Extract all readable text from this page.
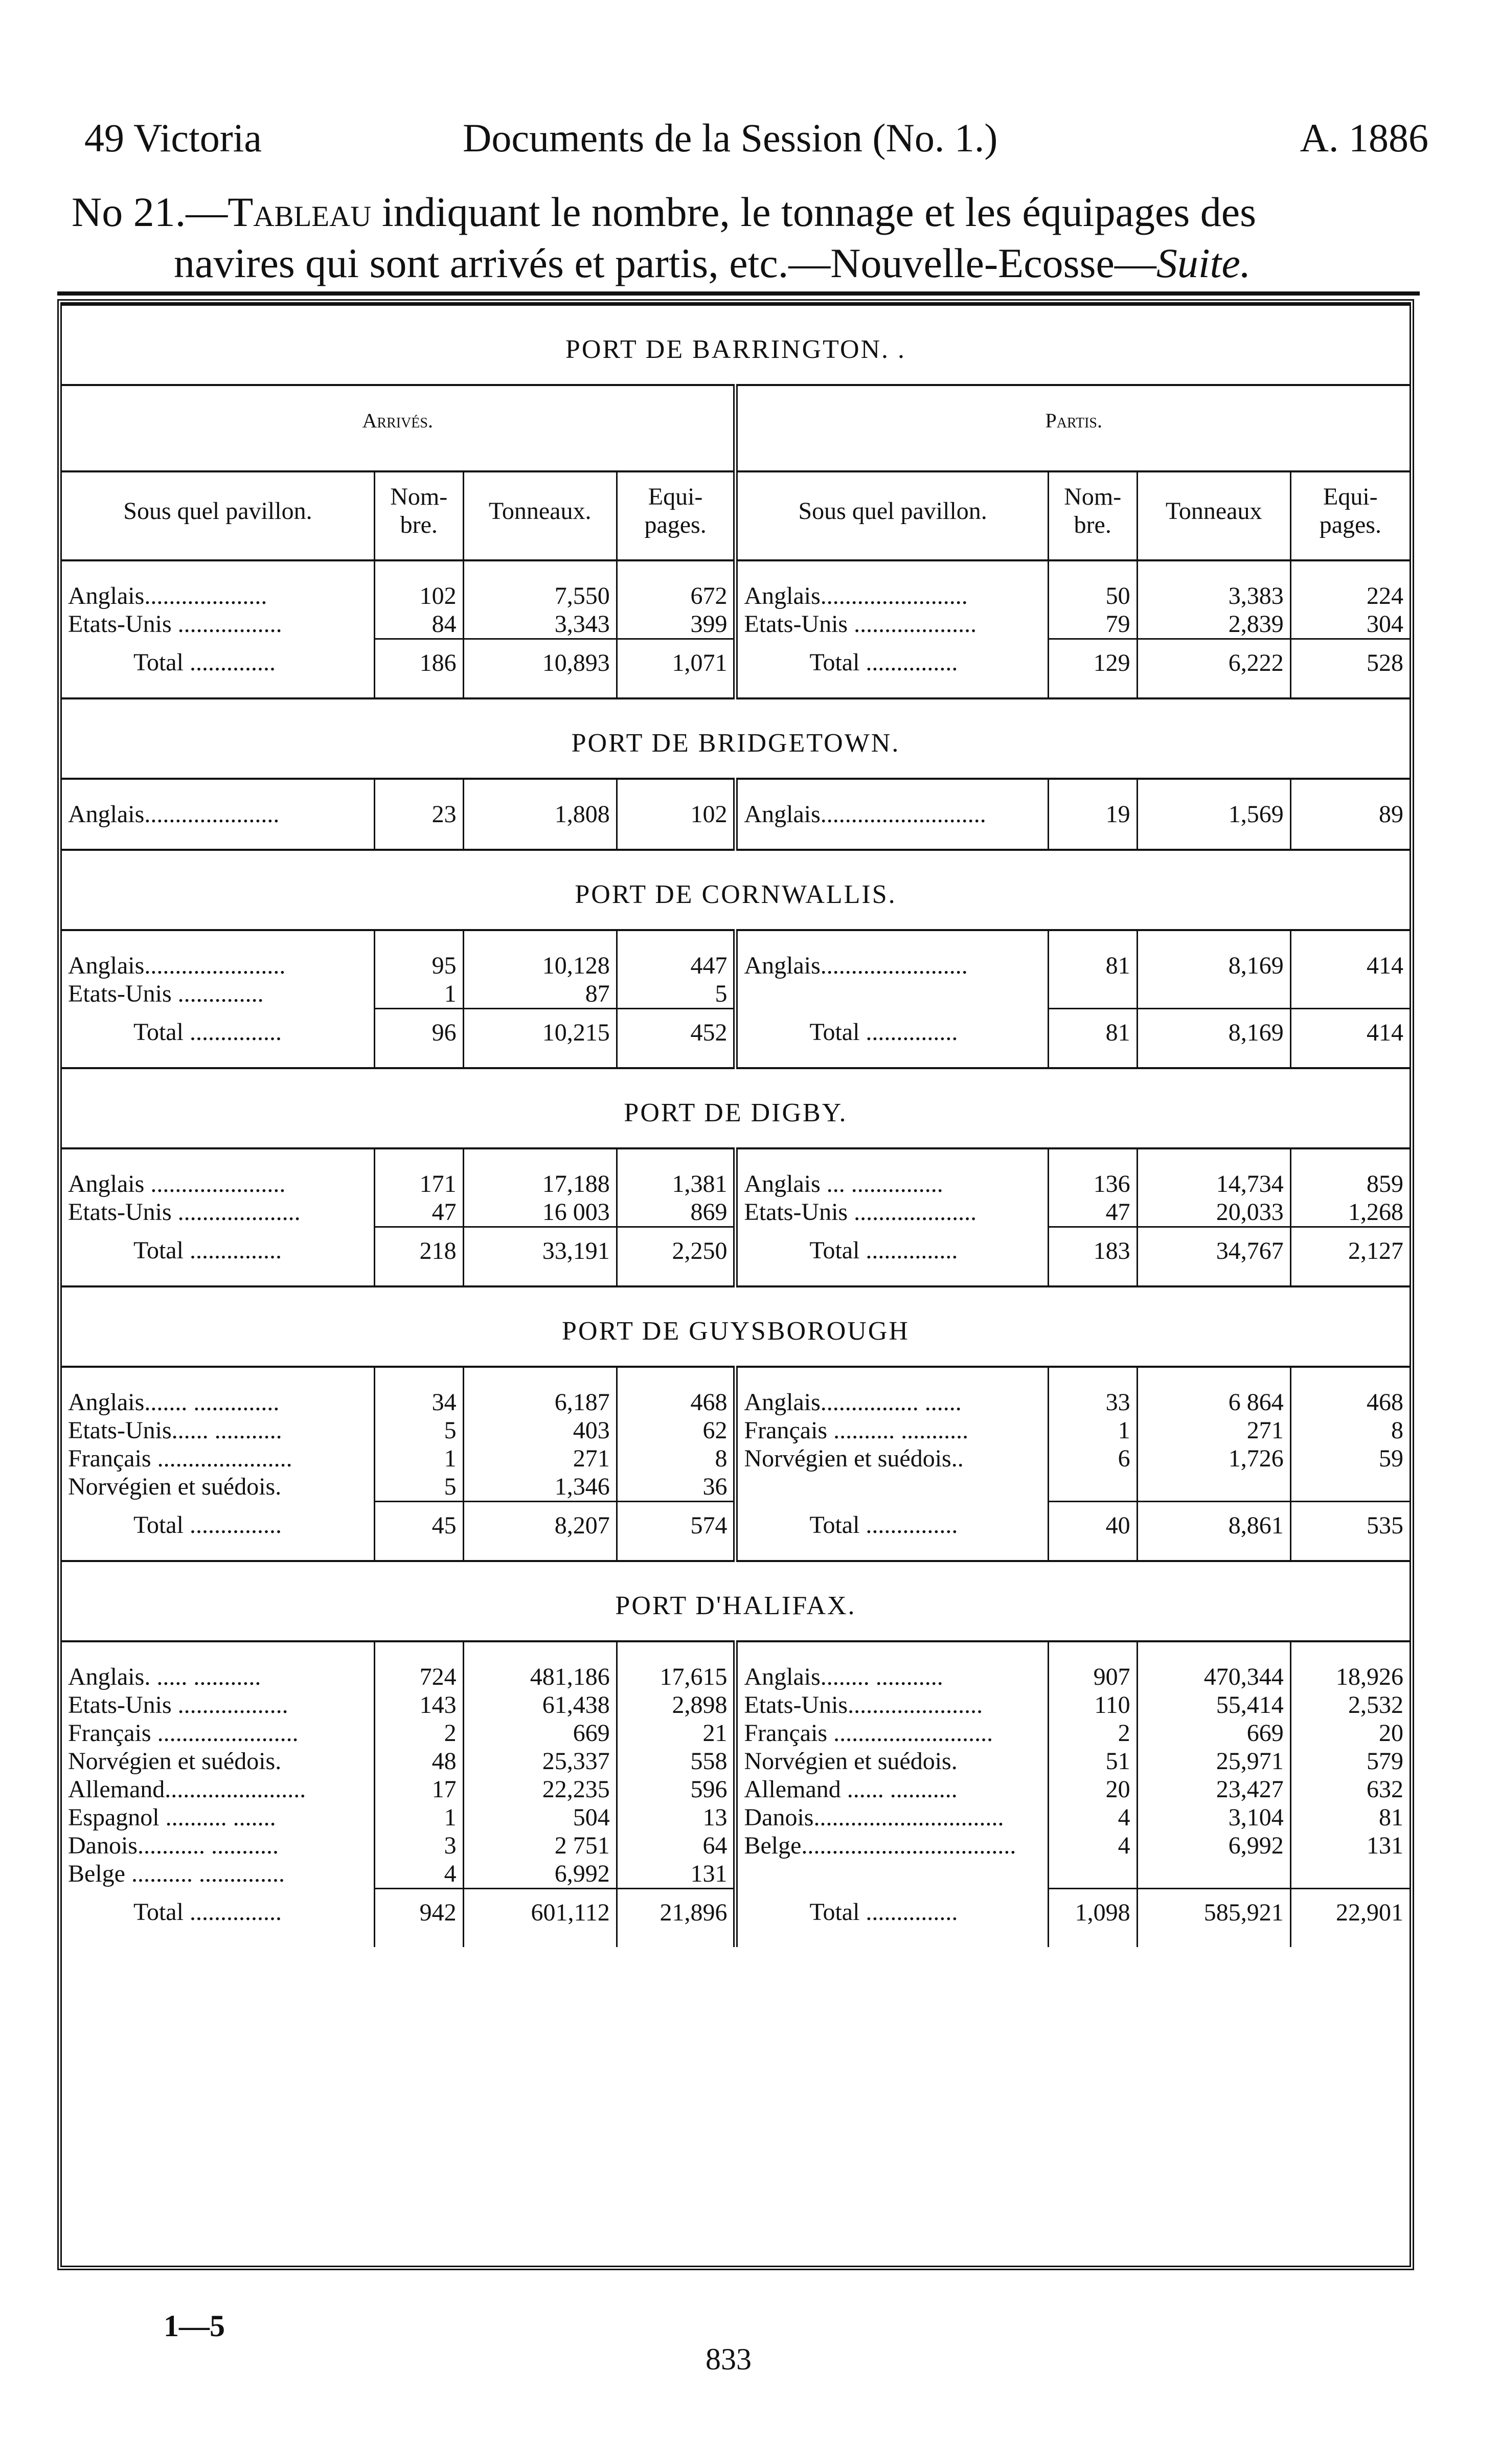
49 Victoria	Documents de la Session (No. 1.)	A. 1886
No 21.—Tableau indiquant le nombre, le tonnage et les équipages des
navires qui sont arrivés et partis, etc.—Nouvelle-Ecosse—Suite.
PORT DE BARRINGTON. .							
Arrivés.				Partis.			
Sous quel pavillon.	Nom- bre.	Tonneaux.	Equi- pages.	Sous quel pavillon.	Nom- bre.	Tonneaux	Equi- pages.
Anglais....................	102	7,550	672	Anglais........................	50	3,383	224
Etats-Unis .................	84	3,343	399	Etats-Unis ....................	79	2,839	304
Total ..............	186	10,893	1,071	Total ...............	129	6,222	528
PORT DE BRIDGETOWN.							
Anglais......................	23	1,808	102	Anglais...........................	19	1,569	89

PORT DE CORNWALLIS.							
Anglais.......................	95	10,128	447	Anglais........................	81	8,169	414
Etats-Unis ..............	1	87	5				
Total ...............	96	10,215	452	Total ...............	81	8,169	414
PORT DE DIGBY.							
Anglais ......................	171	17,188	1,381	Anglais ... ...............	136	14,734	859
Etats-Unis ....................	47	16 003	869	Etats-Unis ....................	47	20,033	1,268
Total ...............	218	33,191	2,250	Total ...............	183	34,767	2,127
PORT DE GUYSBOROUGH							
Anglais....... ..............	34	6,187	468	Anglais................ ......	33	6 864	468
Etats-Unis...... ...........	5	403	62	Français .......... ...........	1	271	8
Français ......................	1	271	8	Norvégien et suédois..	6	1,726	59
Norvégien et suédois.	5	1,346	36				
Total ...............	45	8,207	574	Total ...............	40	8,861	535
PORT D'HALIFAX.							
Anglais. ..... ...........	724	481,186	17,615	Anglais........ ...........	907	470,344	18,926
Etats-Unis ..................	143	61,438	2,898	Etats-Unis......................	110	55,414	2,532
Français .......................	2	669	21	Français ..........................	2	669	20
Norvégien et suédois.	48	25,337	558	Norvégien et suédois.	51	25,971	579
Allemand.......................	17	22,235	596	Allemand ...... ...........	20	23,427	632
Espagnol .......... .......	1	504	13	Danois...............................	4	3,104	81
Danois........... ...........	3	2 751	64	Belge...................................	4	6,992	131
Belge .......... ..............	4	6,992	131				
Total ...............	942	601,112	21,896	Total ...............	1,098	585,921	22,901
1—5
833
